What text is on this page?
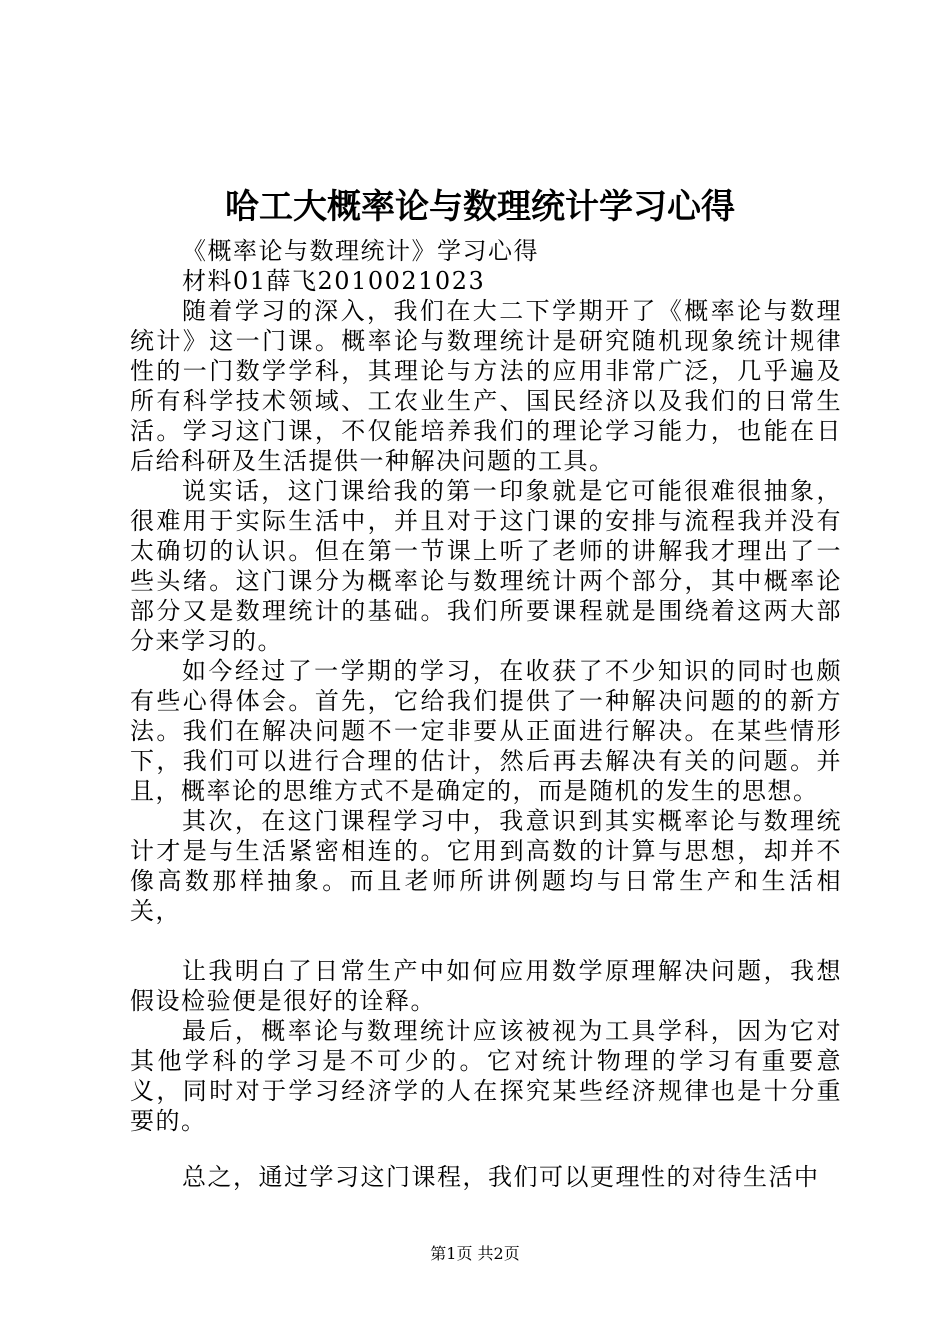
哈工大概率论与数理统计学习心得

《概率论与数理统计》学习心得

材料01薛飞2010021023

随着学习的深入，我们在大二下学期开了《概率论与数理统计》这一门课。概率论与数理统计是研究随机现象统计规律性的一门数学学科，其理论与方法的应用非常广泛，几乎遍及所有科学技术领域、工农业生产、国民经济以及我们的日常生活。学习这门课，不仅能培养我们的理论学习能力，也能在日后给科研及生活提供一种解决问题的工具。

说实话，这门课给我的第一印象就是它可能很难很抽象，很难用于实际生活中，并且对于这门课的安排与流程我并没有太确切的认识。但在第一节课上听了老师的讲解我才理出了一些头绪。这门课分为概率论与数理统计两个部分，其中概率论部分又是数理统计的基础。我们所要课程就是围绕着这两大部分来学习的。

如今经过了一学期的学习，在收获了不少知识的同时也颇有些心得体会。首先，它给我们提供了一种解决问题的的新方法。我们在解决问题不一定非要从正面进行解决。在某些情形下，我们可以进行合理的估计，然后再去解决有关的问题。并且，概率论的思维方式不是确定的，而是随机的发生的思想。

其次，在这门课程学习中，我意识到其实概率论与数理统计才是与生活紧密相连的。它用到高数的计算与思想，却并不像高数那样抽象。而且老师所讲例题均与日常生产和生活相关，

让我明白了日常生产中如何应用数学原理解决问题，我想假设检验便是很好的诠释。

最后，概率论与数理统计应该被视为工具学科，因为它对其他学科的学习是不可少的。它对统计物理的学习有重要意义，同时对于学习经济学的人在探究某些经济规律也是十分重要的。

总之，通过学习这门课程，我们可以更理性的对待生活中

第1页 共2页
